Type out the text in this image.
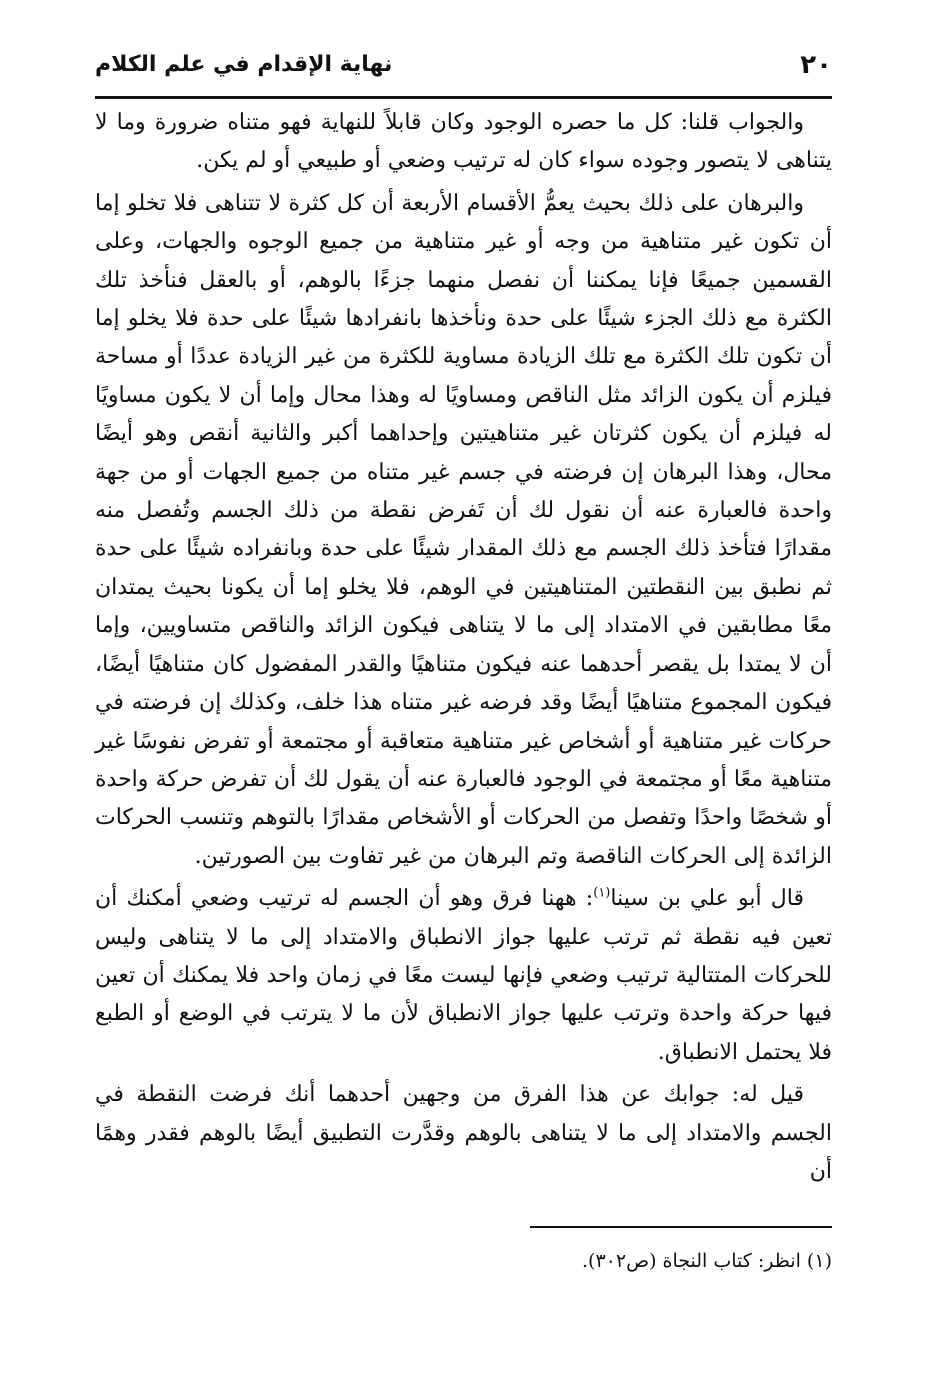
٢٠
نهاية الإقدام في علم الكلام

والجواب قلنا: كل ما حصره الوجود وكان قابلاً للنهاية فهو متناه ضرورة وما لا يتناهى لا يتصور وجوده سواء كان له ترتيب وضعي أو طبيعي أو لم يكن.

والبرهان على ذلك بحيث يعمُّ الأقسام الأربعة أن كل كثرة لا تتناهى فلا تخلو إما أن تكون غير متناهية من وجه أو غير متناهية من جميع الوجوه والجهات، وعلى القسمين جميعًا فإنا يمكننا أن نفصل منهما جزءًا بالوهم، أو بالعقل فنأخذ تلك الكثرة مع ذلك الجزء شيئًا على حدة ونأخذها بانفرادها شيئًا على حدة فلا يخلو إما أن تكون تلك الكثرة مع تلك الزيادة مساوية للكثرة من غير الزيادة عددًا أو مساحة فيلزم أن يكون الزائد مثل الناقص ومساويًا له وهذا محال وإما أن لا يكون مساويًا له فيلزم أن يكون كثرتان غير متناهيتين وإحداهما أكبر والثانية أنقص وهو أيضًا محال، وهذا البرهان إن فرضته في جسم غير متناه من جميع الجهات أو من جهة واحدة فالعبارة عنه أن نقول لك أن تَفرض نقطة من ذلك الجسم وتُفصل منه مقدارًا فتأخذ ذلك الجسم مع ذلك المقدار شيئًا على حدة وبانفراده شيئًا على حدة ثم نطبق بين النقطتين المتناهيتين في الوهم، فلا يخلو إما أن يكونا بحيث يمتدان معًا مطابقين في الامتداد إلى ما لا يتناهى فيكون الزائد والناقص متساويين، وإما أن لا يمتدا بل يقصر أحدهما عنه فيكون متناهيًا والقدر المفضول كان متناهيًا أيضًا، فيكون المجموع متناهيًا أيضًا وقد فرضه غير متناه هذا خلف، وكذلك إن فرضته في حركات غير متناهية أو أشخاص غير متناهية متعاقبة أو مجتمعة أو تفرض نفوسًا غير متناهية معًا أو مجتمعة في الوجود فالعبارة عنه أن يقول لك أن تفرض حركة واحدة أو شخصًا واحدًا وتفصل من الحركات أو الأشخاص مقدارًا بالتوهم وتنسب الحركات الزائدة إلى الحركات الناقصة وتم البرهان من غير تفاوت بين الصورتين.

قال أبو علي بن سينا$^{(١)}$: ههنا فرق وهو أن الجسم له ترتيب وضعي أمكنك أن تعين فيه نقطة ثم ترتب عليها جواز الانطباق والامتداد إلى ما لا يتناهى وليس للحركات المتتالية ترتيب وضعي فإنها ليست معًا في زمان واحد فلا يمكنك أن تعين فيها حركة واحدة وترتب عليها جواز الانطباق لأن ما لا يترتب في الوضع أو الطبع فلا يحتمل الانطباق.

قيل له: جوابك عن هذا الفرق من وجهين أحدهما أنك فرضت النقطة في الجسم والامتداد إلى ما لا يتناهى بالوهم وقدَّرت التطبيق أيضًا بالوهم فقدر وهمًا أن

(١) انظر: كتاب النجاة (ص٣٠٢).
